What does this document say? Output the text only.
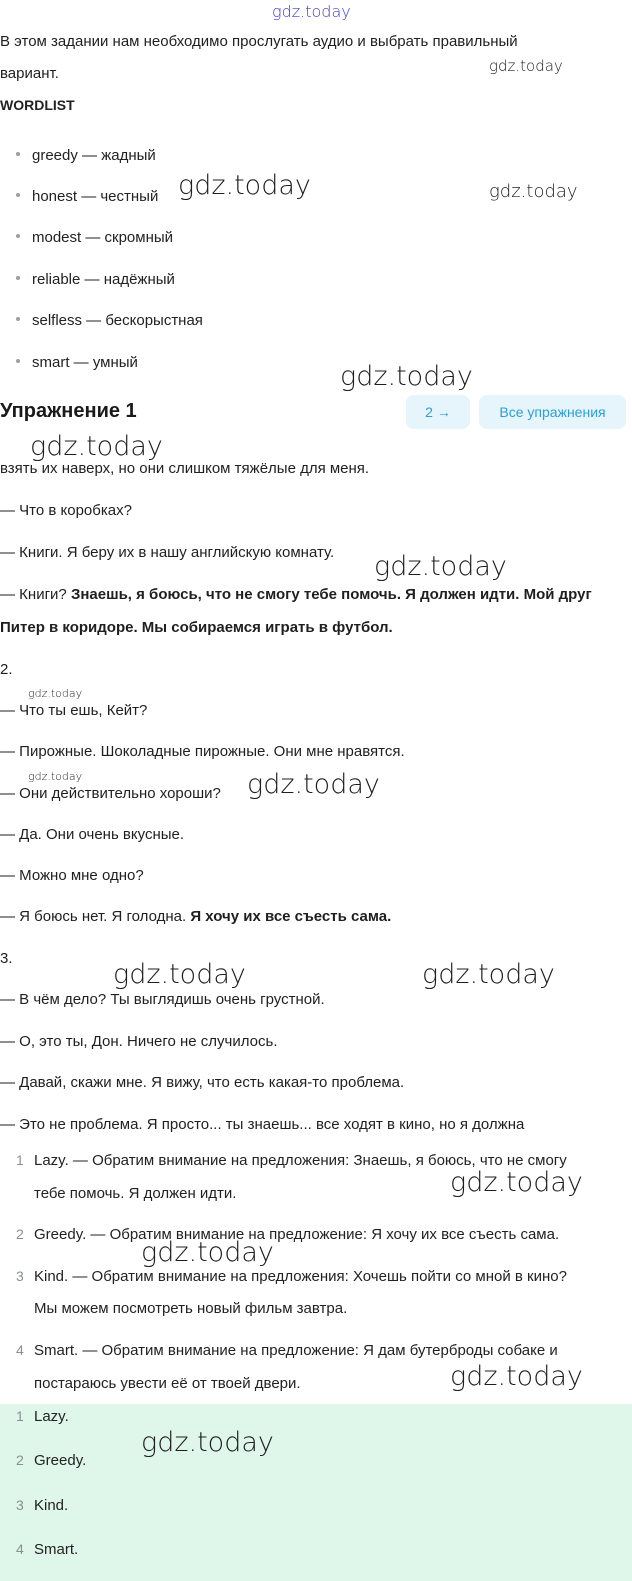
gdz.today
gdz.today
gdz.today	gdz.today
gdz.today
gdz.today
gdz.today
gdz.today
gdz.today	gdz.today
gdz.today	gdz.today
gdz.today
gdz.today
gdz.today
В этом задании нам необходимо прослугать аудио и выбрать правильный
вариант.
WORDLIST
greedy — жадный
honest — честный
modest — скромный
reliable — надёжный
selfless — бескорыстная
smart — умный
Упражнение 1	2 →	Все упражнения
взять их наверх, но они слишком тяжёлые для меня.
— Что в коробках?
— Книги. Я беру их в нашу английскую комнату.
— Книги? Знаешь, я боюсь, что не смогу тебе помочь. Я должен идти. Мой друг
Питер в коридоре. Мы собираемся играть в футбол.
2.
— Что ты ешь, Кейт?
— Пирожные. Шоколадные пирожные. Они мне нравятся.
— Они действительно хороши?
— Да. Они очень вкусные.
— Можно мне одно?
— Я боюсь нет. Я голодна. Я хочу их все съесть сама.
3.
— В чём дело? Ты выглядишь очень грустной.
— О, это ты, Дон. Ничего не случилось.
— Давай, скажи мне. Я вижу, что есть какая-то проблема.
— Это не проблема. Я просто... ты знаешь... все ходят в кино, но я должна
1 Lazy. — Обратим внимание на предложения: Знаешь, я боюсь, что не смогу
тебе помочь. Я должен идти.
2 Greedy. — Обратим внимание на предложение: Я хочу их все съесть сама.
3 Kind. — Обратим внимание на предложения: Хочешь пойти со мной в кино?
Мы можем посмотреть новый фильм завтра.
4 Smart. — Обратим внимание на предложение: Я дам бутерброды собаке и
постараюсь увести её от твоей двери.
1 Lazy.
2 Greedy.
3 Kind.
4 Smart.
gdz.today
